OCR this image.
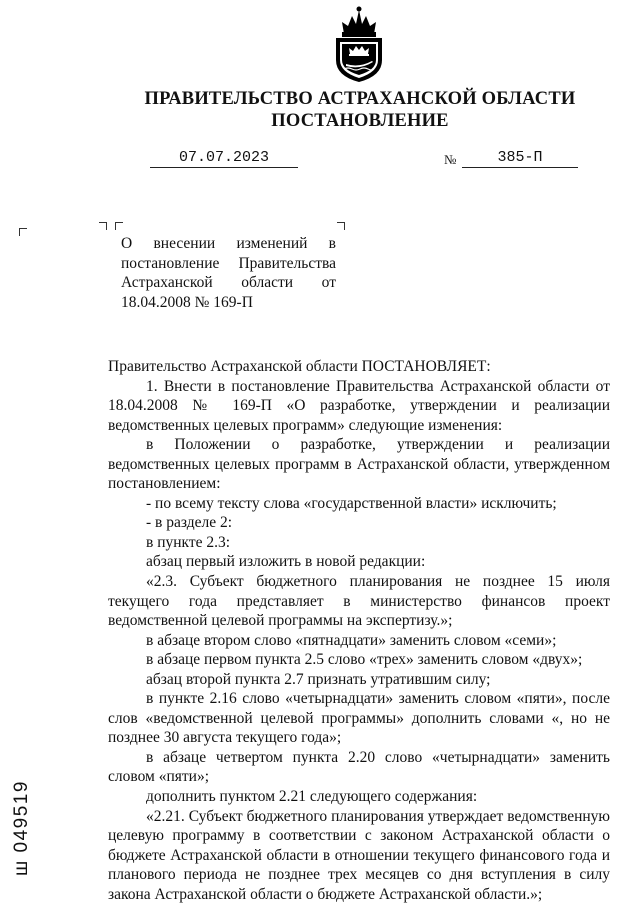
ПРАВИТЕЛЬСТВО АСТРАХАНСКОЙ ОБЛАСТИ
ПОСТАНОВЛЕНИЕ
07.07.2023	№	385-П
О внесении изменений в постановление Правительства Астраханской области от 18.04.2008 № 169-П

Правительство Астраханской области ПОСТАНОВЛЯЕТ:

1. Внести в постановление Правительства Астраханской области от 18.04.2008 № 169-П «О разработке, утверждении и реализации ведомственных целевых программ» следующие изменения:

в Положении о разработке, утверждении и реализации ведомственных целевых программ в Астраханской области, утвержденном постановлением:

- по всему тексту слова «государственной власти» исключить;

- в разделе 2:

в пункте 2.3:

абзац первый изложить в новой редакции:

«2.3. Субъект бюджетного планирования не позднее 15 июля текущего года представляет в министерство финансов проект ведомственной целевой программы на экспертизу.»;

в абзаце втором слово «пятнадцати» заменить словом «семи»;

в абзаце первом пункта 2.5 слово «трех» заменить словом «двух»;

абзац второй пункта 2.7 признать утратившим силу;

в пункте 2.16 слово «четырнадцати» заменить словом «пяти», после слов «ведомственной целевой программы» дополнить словами «, но не позднее 30 августа текущего года»;

в абзаце четвертом пункта 2.20 слово «четырнадцати» заменить словом «пяти»;

дополнить пунктом 2.21 следующего содержания:

«2.21. Субъект бюджетного планирования утверждает ведомственную целевую программу в соответствии с законом Астраханской области о бюджете Астраханской области в отношении текущего финансового года и планового периода не позднее трех месяцев со дня вступления в силу закона Астраханской области о бюджете Астраханской области.»;

ш 049519
